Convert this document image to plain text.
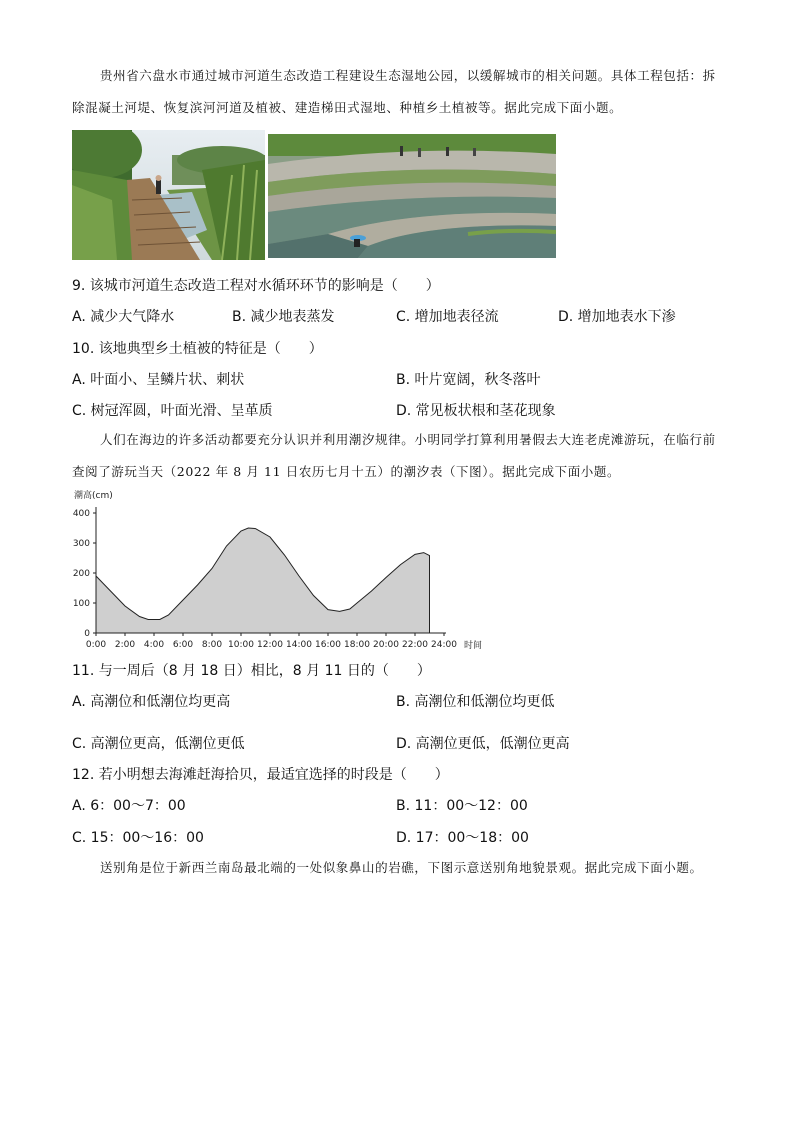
贵州省六盘水市通过城市河道生态改造工程建设生态湿地公园，以缓解城市的相关问题。具体工程包括：拆除混凝土河堤、恢复滨河河道及植被、建造梯田式湿地、种植乡土植被等。据此完成下面小题。
9. 该城市河道生态改造工程对水循环环节的影响是（　　）
A. 减少大气降水	B. 减少地表蒸发	C. 增加地表径流	D. 增加地表水下渗
10. 该地典型乡土植被的特征是（　　）
A. 叶面小、呈鳞片状、刺状	B. 叶片宽阔，秋冬落叶
C. 树冠浑圆，叶面光滑、呈革质	D. 常见板状根和茎花现象
人们在海边的许多活动都要充分认识并利用潮汐规律。小明同学打算利用暑假去大连老虎滩游玩，在临行前查阅了游玩当天（2022 年 8 月 11 日农历七月十五）的潮汐表（下图）。据此完成下面小题。
潮高(cm)
0
100
200
300
400
0:00 2:00 4:00 6:00 8:00 10:00 12:00 14:00 16:00 18:00 20:00 22:00 24:00 时间
11. 与一周后（8 月 18 日）相比，8 月 11 日的（　　）
A. 高潮位和低潮位均更高	B. 高潮位和低潮位均更低
C. 高潮位更高，低潮位更低	D. 高潮位更低，低潮位更高
12. 若小明想去海滩赶海拾贝，最适宜选择的时段是（　　）
A. 6：00～7：00	B. 11：00～12：00
C. 15：00～16：00	D. 17：00～18：00
送别角是位于新西兰南岛最北端的一处似象鼻山的岩礁，下图示意送别角地貌景观。据此完成下面小题。
